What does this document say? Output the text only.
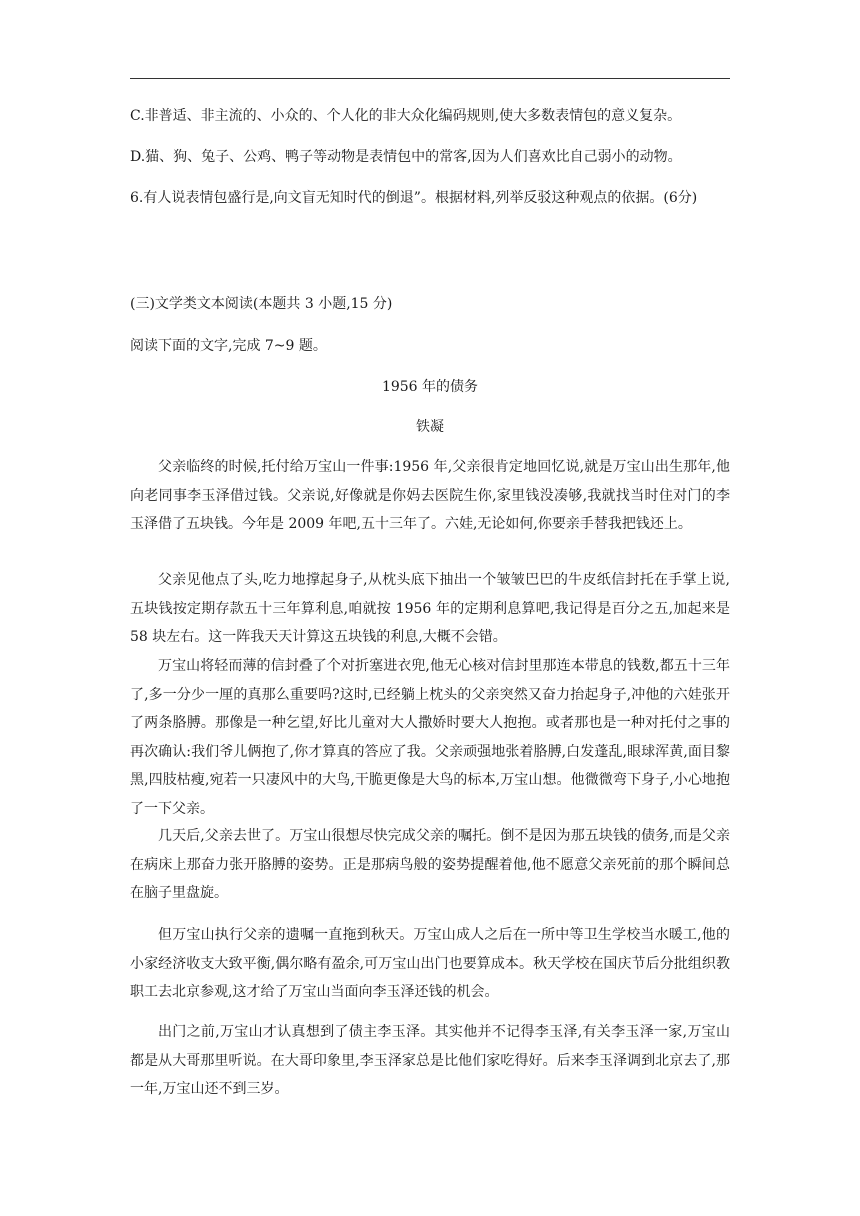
C.非普适、非主流的、小众的、个人化的非大众化编码规则,使大多数表情包的意义复杂。
D.猫、狗、兔子、公鸡、鸭子等动物是表情包中的常客,因为人们喜欢比自己弱小的动物。
6.有人说表情包盛行是,向文盲无知时代的倒退”。根据材料,列举反驳这种观点的依据。(6分)
(三)文学类文本阅读(本题共 3 小题,15 分)
阅读下面的文字,完成 7~9 题。
1956 年的债务
铁凝
父亲临终的时候,托付给万宝山一件事:1956 年,父亲很肯定地回忆说,就是万宝山出生那年,他向老同事李玉泽借过钱。父亲说,好像就是你妈去医院生你,家里钱没凑够,我就找当时住对门的李玉泽借了五块钱。今年是 2009 年吧,五十三年了。六娃,无论如何,你要亲手替我把钱还上。
父亲见他点了头,吃力地撑起身子,从枕头底下抽出一个皱皱巴巴的牛皮纸信封托在手掌上说,五块钱按定期存款五十三年算利息,咱就按 1956 年的定期利息算吧,我记得是百分之五,加起来是 58 块左右。这一阵我天天计算这五块钱的利息,大概不会错。
万宝山将轻而薄的信封叠了个对折塞进衣兜,他无心核对信封里那连本带息的钱数,都五十三年了,多一分少一厘的真那么重要吗?这时,已经躺上枕头的父亲突然又奋力抬起身子,冲他的六娃张开了两条胳膊。那像是一种乞望,好比儿童对大人撒娇时要大人抱抱。或者那也是一种对托付之事的再次确认:我们爷儿俩抱了,你才算真的答应了我。父亲顽强地张着胳膊,白发蓬乱,眼球浑黄,面目黎黑,四肢枯瘦,宛若一只凄风中的大鸟,干脆更像是大鸟的标本,万宝山想。他微微弯下身子,小心地抱了一下父亲。
几天后,父亲去世了。万宝山很想尽快完成父亲的嘱托。倒不是因为那五块钱的债务,而是父亲在病床上那奋力张开胳膊的姿势。正是那病鸟般的姿势提醒着他,他不愿意父亲死前的那个瞬间总在脑子里盘旋。
但万宝山执行父亲的遗嘱一直拖到秋天。万宝山成人之后在一所中等卫生学校当水暖工,他的小家经济收支大致平衡,偶尔略有盈余,可万宝山出门也要算成本。秋天学校在国庆节后分批组织教职工去北京参观,这才给了万宝山当面向李玉泽还钱的机会。
出门之前,万宝山才认真想到了债主李玉泽。其实他并不记得李玉泽,有关李玉泽一家,万宝山都是从大哥那里听说。在大哥印象里,李玉泽家总是比他们家吃得好。后来李玉泽调到北京去了,那一年,万宝山还不到三岁。
